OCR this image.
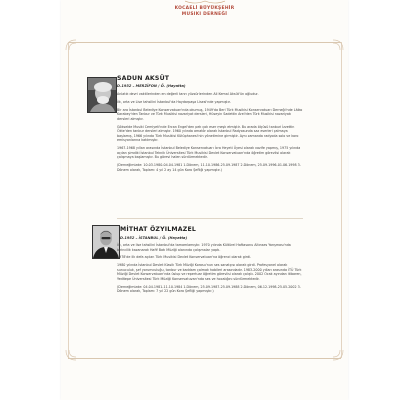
KOCAELİ BÜYÜKŞEHİR
MUSIKI DERNEĞİ
SADUN AKSÜT
D.1932 – MERZİFON / Ö. (Hayatta)

Anlatık devri vaktilerinden en değerli tanrı yüzsürlerinden Ali Kemal Aksüt'ün oğludur.

İlk, orta ve Lise tahsilini İstanbul'da Haydarpaşa Lisesi'nde yapmıştır.

Bir ara İstanbul Belediye Konservatuarı'nda okumuş, 1949'da Beri Türk Musikisi Konservatuarı Derneği'nde Lâiko Karabey'den Tanbur ve Türk Musikisi nazariyat dersleri, Hüseyin Sadettin Arel'den Türk Musikisi nazariyatı dersleri almıştır.

Gökselde Musiki Cemiyeti'nde Ercan Engel'den pek çok eser meşk etmiştir. Bu arada ölçüsü tanburi İzzettin Ökte'den tanbur dersleri almıştır. 1960 yılında amatör olarak İstanbul Radyosunda saz eserleri çalmaya başlamış, 1966 yılında Türk Musikisi Kütüphanesi'nin yönetimine girmiştir. Aynı zamanda radyoda solo ve koro emisyonlarına katılmıştır.

1967-1968 yılları arasında İstanbul Belediye Konservatuarı İcra Heyeti Üyesi olarak vazife yapmış, 1975 yılında açılan şimdiki İstanbul Teknik Üniversitesi Türk Musikisi Devlet Konservatuarı'nda öğretim görevlisi olarak çalışmaya başlamıştır. Bu görevi halen sürdürmektedir.

(Derneğimizde: 10.03.1980-04.04.1981 1.Dönem, 11.10.1986-25.09.1987 2.Dönem, 25.09.1996-01.06.1998 3. Dönem olarak, Toplam: 4 yıl 2 ay 14 gün Koro Şefliği yapmıştır.)

MİTHAT ÖZYILMAZEL
D.1952 – İSTANBUL / Ö. (Hayatta)

İlk, orta ve lise tahsilini İstanbul'da tamamlamıştır. 1970 yılında Kültürel Haftasonu Altınses Yarışması'nda birincilik kazanarak Hafif Batı Müziği alanında çalışmalar yaptı.

1978'de ilk defa açılan Türk Musikisi Devlet Konservatuarı'na öğrenci olarak girdi.

1980 yılında İstanbul Devlet Klasik Türk Müziği Korosu'nun ses sanatçısı olarak girdi. Profesyonel olarak sunuculuk, şef yorumculuğu, tanbur ve kaddam çalmak hobileri arasındadır. 1983-2000 yılları arasında İTÜ Türk Müziği Devlet Konservatuarı'nda üslup ve repertuar öğretim görevlisi olarak çalıştı. 2002 Ocak ayından itibaren, Yeditepe Üniversitesi Türk Müziği Konservatuvarı'nda ses ve hocalığını sürdürmektedir.

(Derneğimizde: 04.04.1981-11.10.1984 1.Dönem, 25.09.1987-25.09.1988 2.Dönem, 06.12.1998-25.05.2002 3. Dönem olarak, Toplam: 7 yıl 22 gün Koro Şefliği yapmıştır.)
